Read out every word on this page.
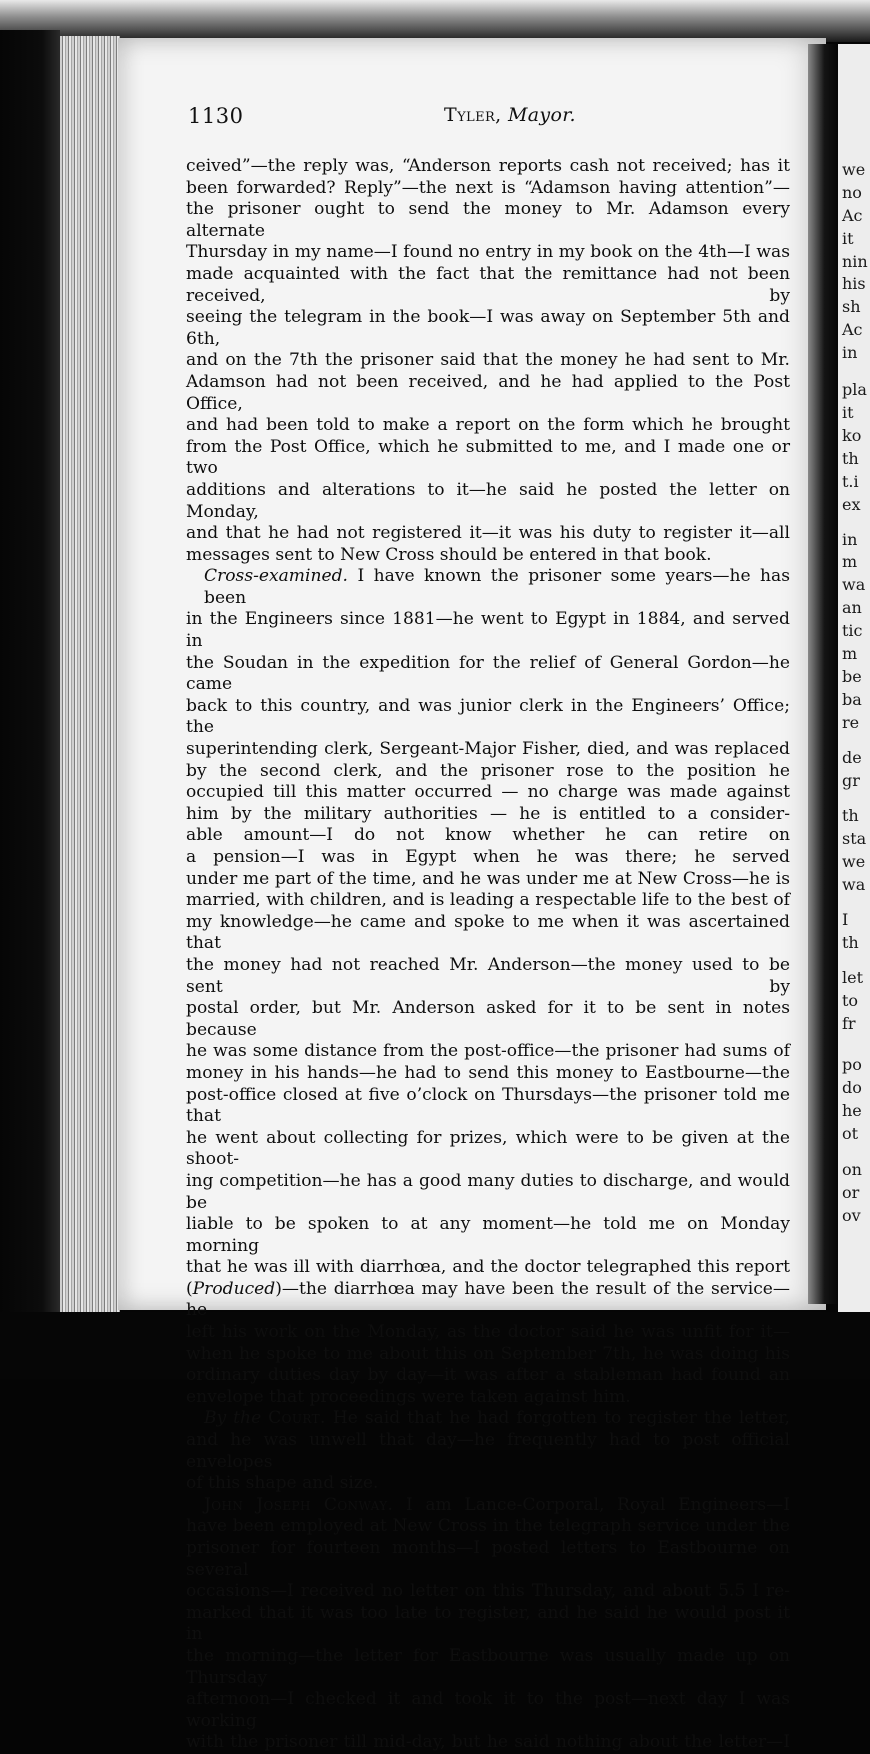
we
no
Ac
it
nin
his
sh
Ac
in
pla
it
ko
th
t.i
ex
in
m
wa
an
tic
m
be
ba
re
de
gr
th
sta
we
wa
I
th
let
to
fr
po
do
he
ot
on
or
ov
1130	Tyler, Mayor.

ceived”—the reply was, “Anderson reports cash not received; has it
been forwarded? Reply”—the next is “Adamson having attention”—
the prisoner ought to send the money to Mr. Adamson every alternate
Thursday in my name—I found no entry in my book on the 4th—I was
made acquainted with the fact that the remittance had not been received, by
seeing the telegram in the book—I was away on September 5th and 6th,
and on the 7th the prisoner said that the money he had sent to Mr.
Adamson had not been received, and he had applied to the Post Office,
and had been told to make a report on the form which he brought
from the Post Office, which he submitted to me, and I made one or two
additions and alterations to it—he said he posted the letter on Monday,
and that he had not registered it—it was his duty to register it—all
messages sent to New Cross should be entered in that book.

Cross-examined. I have known the prisoner some years—he has been
in the Engineers since 1881—he went to Egypt in 1884, and served in
the Soudan in the expedition for the relief of General Gordon—he came
back to this country, and was junior clerk in the Engineers’ Office; the
superintending clerk, Sergeant-Major Fisher, died, and was replaced
by the second clerk, and the prisoner rose to the position he
occupied till this matter occurred — no charge was made against
him by the military authorities — he is entitled to a consider-
able amount—I do not know whether he can retire on
a pension—I was in Egypt when he was there; he served
under me part of the time, and he was under me at New Cross—he is
married, with children, and is leading a respectable life to the best of
my knowledge—he came and spoke to me when it was ascertained that
the money had not reached Mr. Anderson—the money used to be sent by
postal order, but Mr. Anderson asked for it to be sent in notes because
he was some distance from the post-office—the prisoner had sums of
money in his hands—he had to send this money to Eastbourne—the
post-office closed at five o’clock on Thursdays—the prisoner told me that
he went about collecting for prizes, which were to be given at the shoot-
ing competition—he has a good many duties to discharge, and would be
liable to be spoken to at any moment—he told me on Monday morning
that he was ill with diarrhœa, and the doctor telegraphed this report
(Produced)—the diarrhœa may have been the result of the service—he
left his work on the Monday, as the doctor said he was unfit for it—
when he spoke to me about this on September 7th, he was doing his
ordinary duties day by day—it was after a stableman had found an
envelope that proceedings were taken against him.

By the Court. He said that he had forgotten to register the letter,
and he was unwell that day—he frequently had to post official envelopes
of this shape and size.

John Joseph Conway. I am Lance-Corporal, Royal Engineers—I
have been employed at New Cross in the telegraph service under the
prisoner for fourteen months—I posted letters to Eastbourne on several
occasions—I received no letter on this Thursday, and about 5.5 I re-
marked that it was too late to register, and he said he would post it in
the morning—the letter for Eastbourne was usually made up on Thursday
afternoon—I checked it and took it to the post—next day I was working
with the prisoner till mid-day, but he said nothing about the letter—I
